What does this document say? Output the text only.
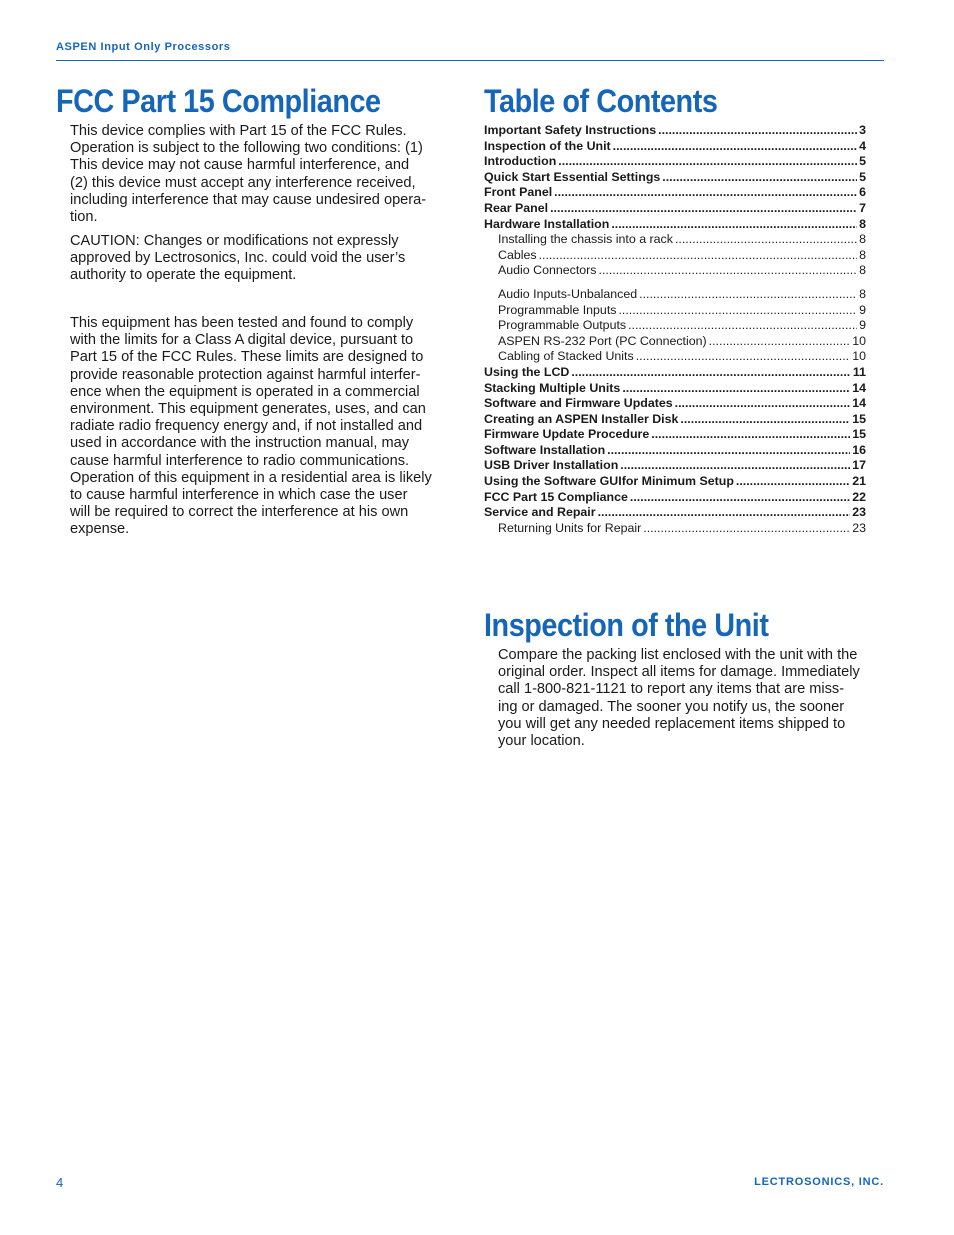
ASPEN Input Only Processors
FCC Part 15 Compliance
This device complies with Part 15 of the FCC Rules.
Operation is subject to the following two conditions: (1)
This device may not cause harmful interference, and
(2) this device must accept any interference received,
including interference that may cause undesired opera-
tion.
CAUTION: Changes or modifications not expressly
approved by Lectrosonics, Inc. could void the user’s
authority to operate the equipment.
This equipment has been tested and found to comply
with the limits for a Class A digital device, pursuant to
Part 15 of the FCC Rules. These limits are designed to
provide reasonable protection against harmful interfer-
ence when the equipment is operated in a commercial
environment. This equipment generates, uses, and can
radiate radio frequency energy and, if not installed and
used in accordance with the instruction manual, may
cause harmful interference to radio communications.
Operation of this equipment in a residential area is likely
to cause harmful interference in which case the user
will be required to correct the interference at his own
expense.
Table of Contents
Important Safety Instructions .....	3
Inspection of the Unit .....	4
Introduction .....	5
Quick Start Essential Settings .....	5
Front Panel .....	6
Rear Panel .....	7
Hardware Installation .....	8
Installing the chassis into a rack .....	8
Cables .....	8
Audio Connectors .....	8
Audio Inputs-Unbalanced .....	8
Programmable Inputs .....	9
Programmable Outputs .....	9
ASPEN RS-232 Port (PC Connection) .....	10
Cabling of Stacked Units .....	10
Using the LCD .....	11
Stacking Multiple Units .....	14
Software and Firmware Updates .....	14
Creating an ASPEN Installer Disk .....	15
Firmware Update Procedure .....	15
Software Installation .....	16
USB Driver Installation .....	17
Using the Software GUIfor Minimum Setup .....	21
FCC Part 15 Compliance .....	22
Service and Repair .....	23
Returning Units for Repair .....	23
Inspection of the Unit
Compare the packing list enclosed with the unit with the
original order. Inspect all items for damage. Immediately
call 1-800-821-1121 to report any items that are miss-
ing or damaged. The sooner you notify us, the sooner
you will get any needed replacement items shipped to
your location.
4	LECTROSONICS, INC.
